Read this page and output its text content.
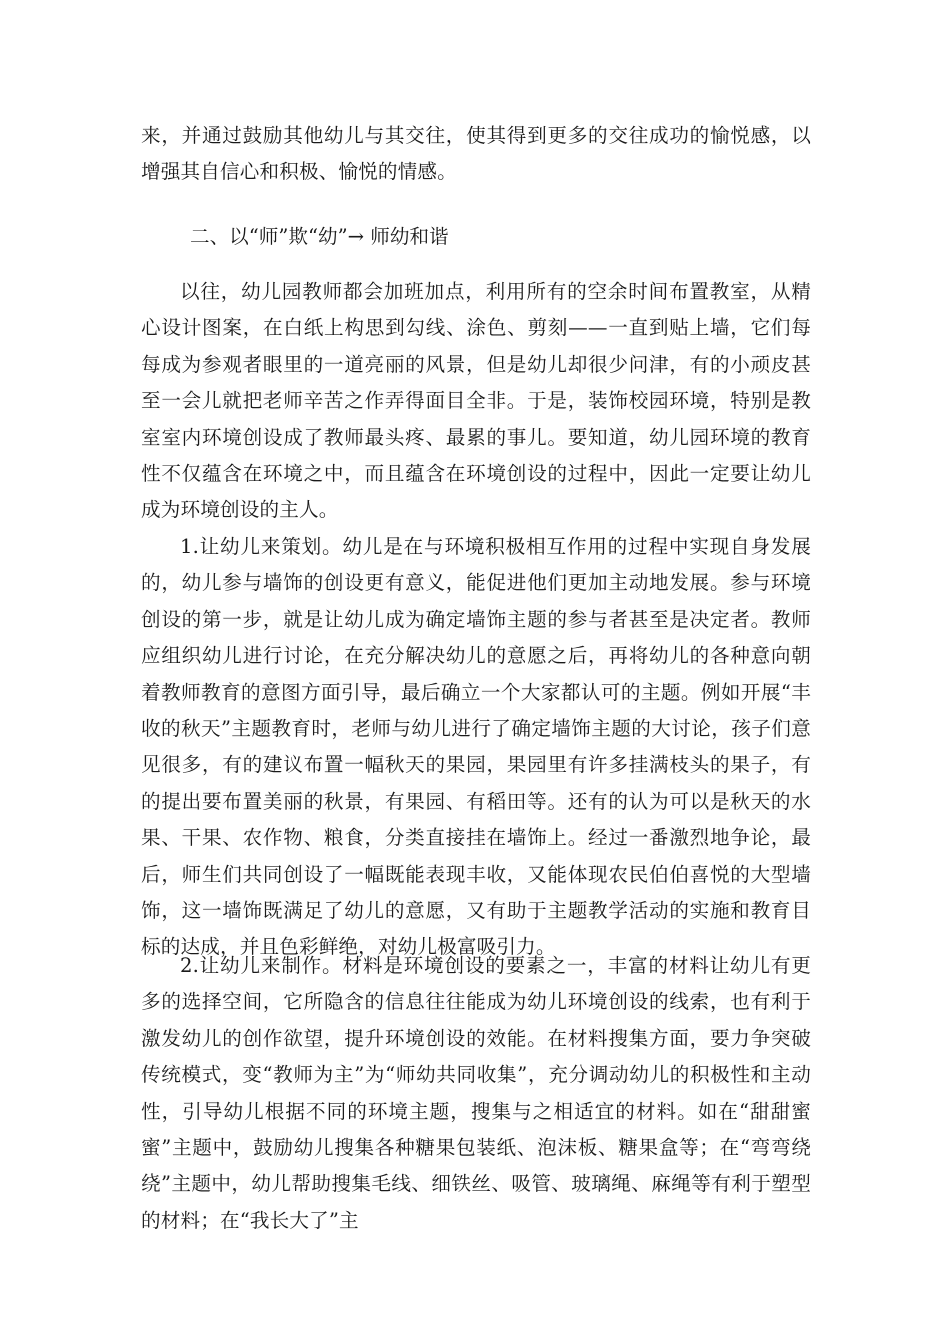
来，并通过鼓励其他幼儿与其交往，使其得到更多的交往成功的愉悦感，以增强其自信心和积极、愉悦的情感。

二、以“师”欺“幼”→ 师幼和谐

以往，幼儿园教师都会加班加点，利用所有的空余时间布置教室，从精心设计图案，在白纸上构思到勾线、涂色、剪刻——一直到贴上墙，它们每每成为参观者眼里的一道亮丽的风景，但是幼儿却很少问津，有的小顽皮甚至一会儿就把老师辛苦之作弄得面目全非。于是，装饰校园环境，特别是教室室内环境创设成了教师最头疼、最累的事儿。要知道，幼儿园环境的教育性不仅蕴含在环境之中，而且蕴含在环境创设的过程中，因此一定要让幼儿成为环境创设的主人。

1.让幼儿来策划。幼儿是在与环境积极相互作用的过程中实现自身发展的，幼儿参与墙饰的创设更有意义，能促进他们更加主动地发展。参与环境创设的第一步，就是让幼儿成为确定墙饰主题的参与者甚至是决定者。教师应组织幼儿进行讨论，在充分解决幼儿的意愿之后，再将幼儿的各种意向朝着教师教育的意图方面引导，最后确立一个大家都认可的主题。例如开展“丰收的秋天”主题教育时，老师与幼儿进行了确定墙饰主题的大讨论，孩子们意见很多，有的建议布置一幅秋天的果园，果园里有许多挂满枝头的果子，有的提出要布置美丽的秋景，有果园、有稻田等。还有的认为可以是秋天的水果、干果、农作物、粮食，分类直接挂在墙饰上。经过一番激烈地争论，最后，师生们共同创设了一幅既能表现丰收，又能体现农民伯伯喜悦的大型墙饰，这一墙饰既满足了幼儿的意愿，又有助于主题教学活动的实施和教育目标的达成，并且色彩鲜绝，对幼儿极富吸引力。

2.让幼儿来制作。材料是环境创设的要素之一，丰富的材料让幼儿有更多的选择空间，它所隐含的信息往往能成为幼儿环境创设的线索，也有利于激发幼儿的创作欲望，提升环境创设的效能。在材料搜集方面，要力争突破传统模式，变“教师为主”为“师幼共同收集”，充分调动幼儿的积极性和主动性，引导幼儿根据不同的环境主题，搜集与之相适宜的材料。如在“甜甜蜜蜜”主题中，鼓励幼儿搜集各种糖果包装纸、泡沫板、糖果盒等；在“弯弯绕绕”主题中，幼儿帮助搜集毛线、细铁丝、吸管、玻璃绳、麻绳等有利于塑型的材料；在“我长大了”主
